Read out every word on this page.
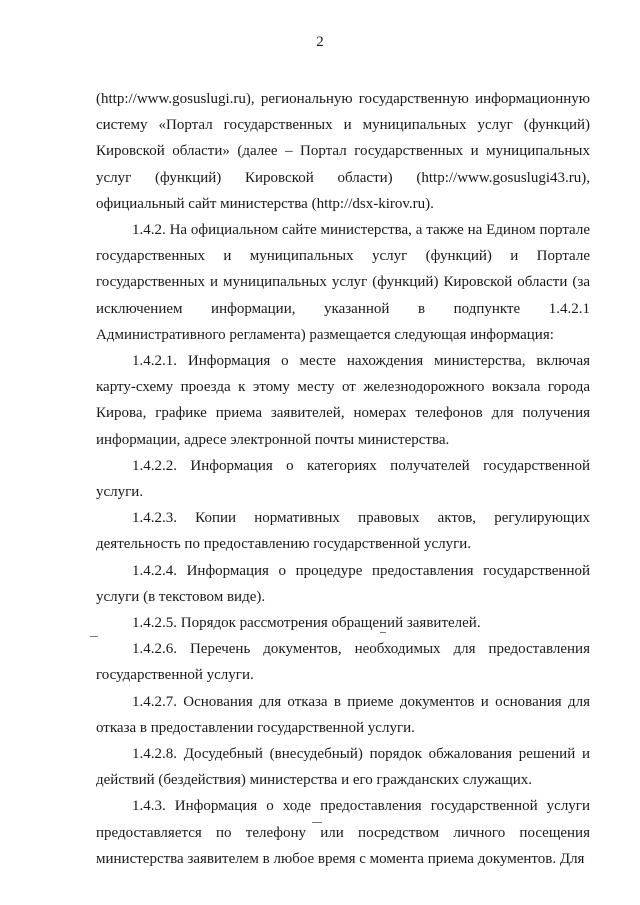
2

(http://www.gosuslugi.ru), региональную государственную информационную систему «Портал государственных и муниципальных услуг (функций) Кировской области» (далее – Портал государственных и муниципальных услуг (функций) Кировской области) (http://www.gosuslugi43.ru), официальный сайт министерства (http://dsx-kirov.ru).

1.4.2. На официальном сайте министерства, а также на Едином портале государственных и муниципальных услуг (функций) и Портале государственных и муниципальных услуг (функций) Кировской области (за исключением информации, указанной в подпункте 1.4.2.1 Административного регламента) размещается следующая информация:

1.4.2.1. Информация о месте нахождения министерства, включая карту-схему проезда к этому месту от железнодорожного вокзала города Кирова, графике приема заявителей, номерах телефонов для получения информации, адресе электронной почты министерства.

1.4.2.2. Информация о категориях получателей государственной услуги.

1.4.2.3. Копии нормативных правовых актов, регулирующих деятельность по предоставлению государственной услуги.

1.4.2.4. Информация о процедуре предоставления государственной услуги (в текстовом виде).

1.4.2.5. Порядок рассмотрения обращений заявителей.

1.4.2.6. Перечень документов, необходимых для предоставления государственной услуги.

1.4.2.7. Основания для отказа в приеме документов и основания для отказа в предоставлении государственной услуги.

1.4.2.8. Досудебный (внесудебный) порядок обжалования решений и действий (бездействия) министерства и его гражданских служащих.

1.4.3. Информация о ходе предоставления государственной услуги предоставляется по телефону или посредством личного посещения министерства заявителем в любое время с момента приема документов. Для
